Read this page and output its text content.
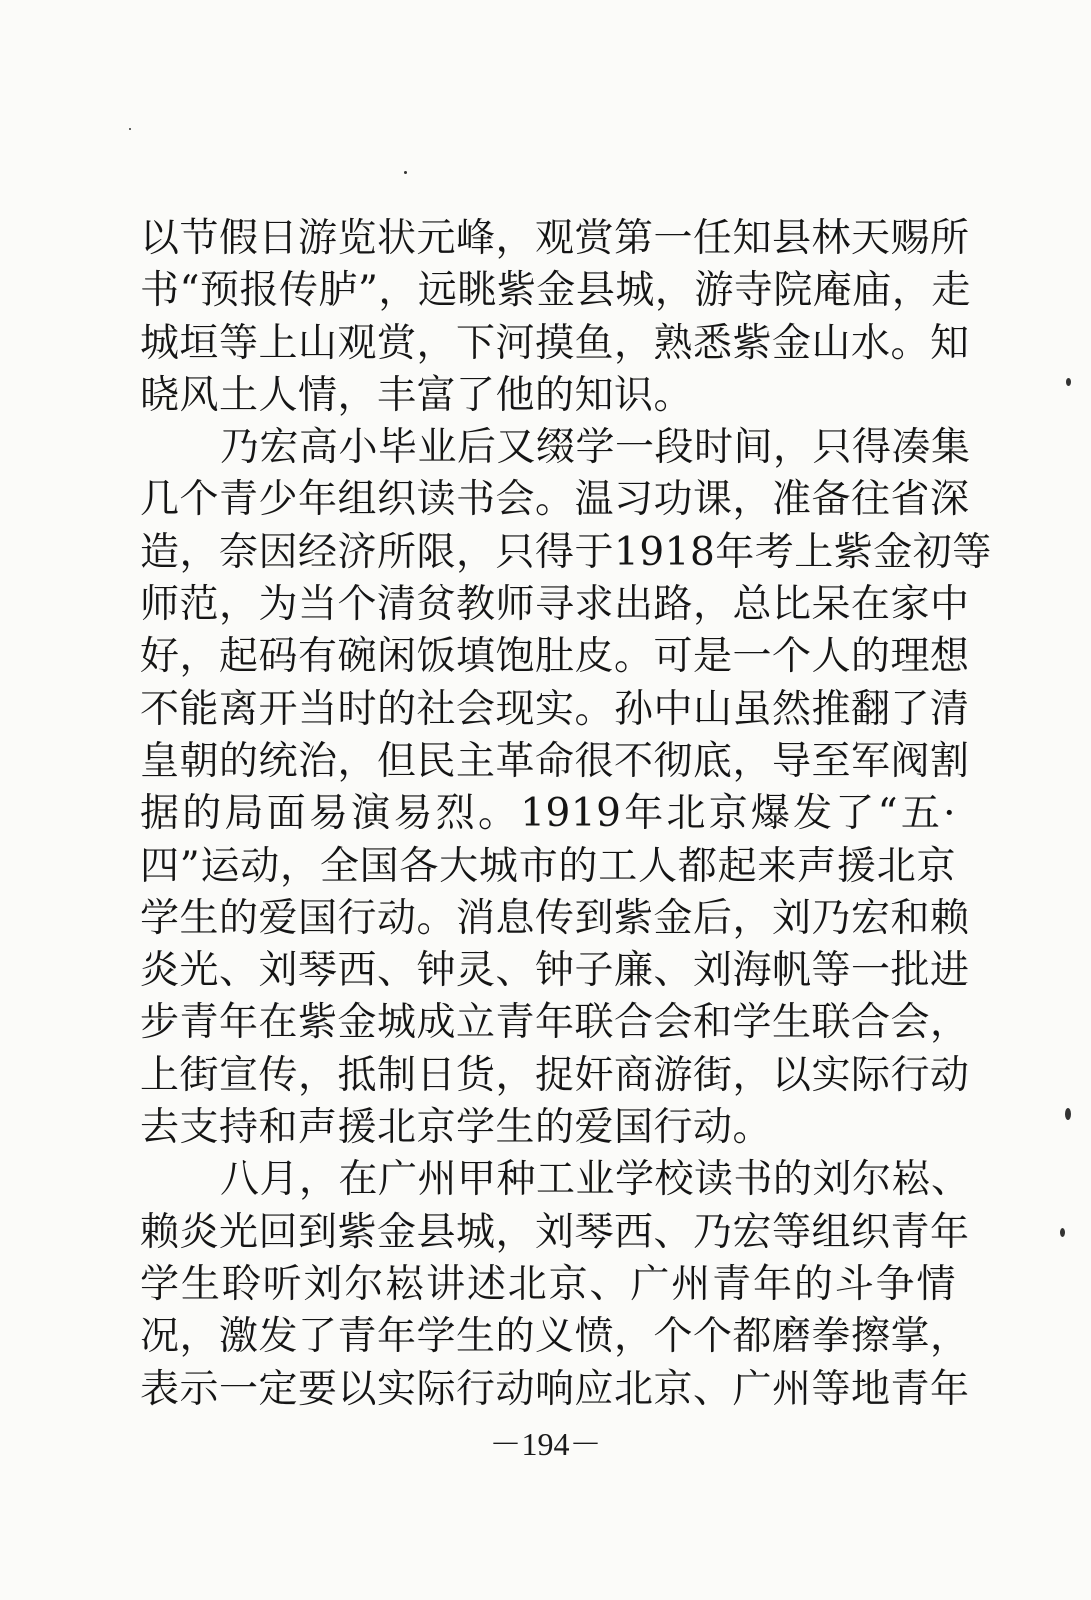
以节假日游览状元峰，观赏第一任知县林天赐所
书“预报传胪”，远眺紫金县城，游寺院庵庙，走
城垣等上山观赏，下河摸鱼，熟悉紫金山水。知
晓风土人情，丰富了他的知识。
乃宏高小毕业后又缀学一段时间，只得凑集
几个青少年组织读书会。温习功课，准备往省深
造，奈因经济所限，只得于1918年考上紫金初等
师范，为当个清贫教师寻求出路，总比呆在家中
好，起码有碗闲饭填饱肚皮。可是一个人的理想
不能离开当时的社会现实。孙中山虽然推翻了清
皇朝的统治，但民主革命很不彻底，导至军阀割
据的局面易演易烈。1919年北京爆发了“五·
四”运动，全国各大城市的工人都起来声援北京
学生的爱国行动。消息传到紫金后，刘乃宏和赖
炎光、刘琴西、钟灵、钟子廉、刘海帆等一批进
步青年在紫金城成立青年联合会和学生联合会，
上街宣传，抵制日货，捉奸商游街，以实际行动
去支持和声援北京学生的爱国行动。
八月，在广州甲种工业学校读书的刘尔崧、
赖炎光回到紫金县城，刘琴西、乃宏等组织青年
学生聆听刘尔崧讲述北京、广州青年的斗争情
况，激发了青年学生的义愤，个个都磨拳擦掌，
表示一定要以实际行动响应北京、广州等地青年
－194－
